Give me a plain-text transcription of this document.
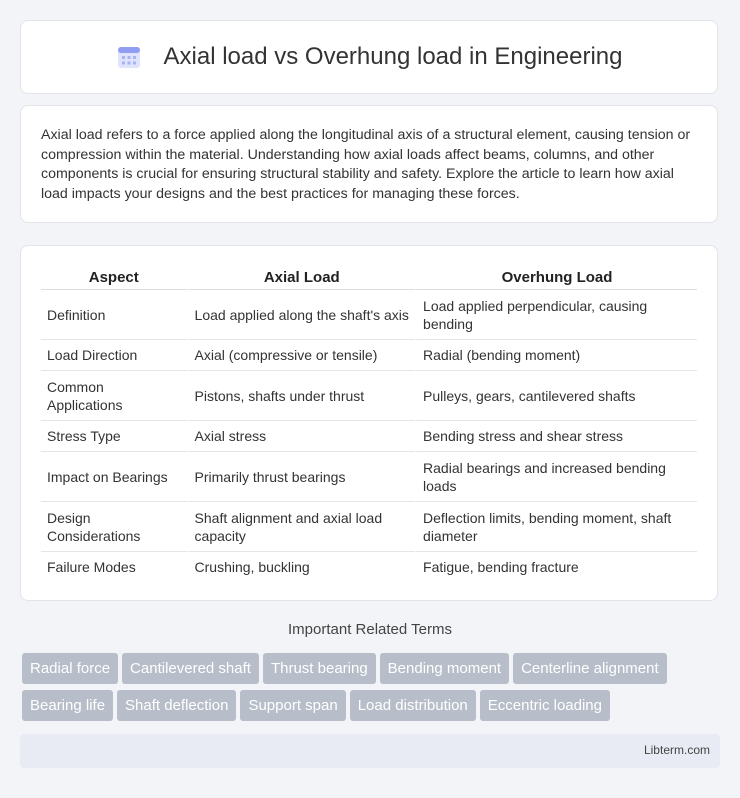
Axial load vs Overhung load in Engineering

Axial load refers to a force applied along the longitudinal axis of a structural element, causing tension or compression within the material. Understanding how axial loads affect beams, columns, and other components is crucial for ensuring structural stability and safety. Explore the article to learn how axial load impacts your designs and the best practices for managing these forces.

Aspect	Axial Load	Overhung Load
Definition	Load applied along the shaft's axis	Load applied perpendicular, causing bending
Load Direction	Axial (compressive or tensile)	Radial (bending moment)
Common Applications	Pistons, shafts under thrust	Pulleys, gears, cantilevered shafts
Stress Type	Axial stress	Bending stress and shear stress
Impact on Bearings	Primarily thrust bearings	Radial bearings and increased bending loads
Design Considerations	Shaft alignment and axial load capacity	Deflection limits, bending moment, shaft diameter
Failure Modes	Crushing, buckling	Fatigue, bending fracture
Important Related Terms
Radial force Cantilevered shaft Thrust bearing Bending moment Centerline alignment
Bearing life Shaft deflection Support span Load distribution Eccentric loading
Libterm.com
